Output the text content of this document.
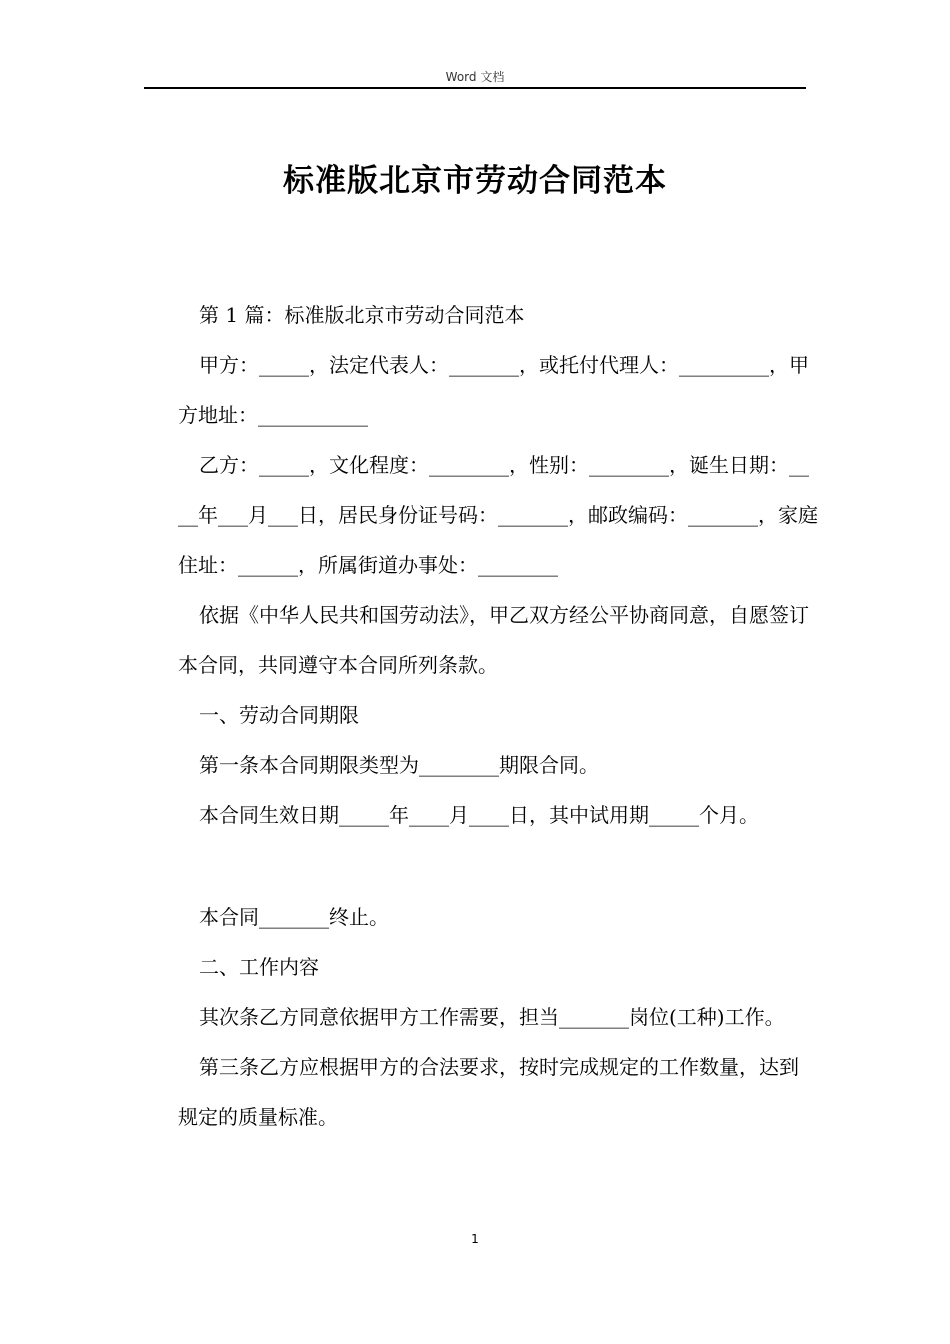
Word 文档
标准版北京市劳动合同范本

第 1 篇：标准版北京市劳动合同范本

甲方：_____，法定代表人：_______，或托付代理人：_________，甲方地址：___________

乙方：_____，文化程度：________，性别：________，诞生日期：____年___月___日，居民身份证号码：_______，邮政编码：_______，家庭住址：______，所属街道办事处：________

依据《中华人民共和国劳动法》，甲乙双方经公平协商同意，自愿签订本合同，共同遵守本合同所列条款。

一、劳动合同期限

第一条本合同期限类型为________期限合同。

本合同生效日期_____年____月____日，其中试用期_____个月。

本合同_______终止。

二、工作内容

其次条乙方同意依据甲方工作需要，担当_______岗位(工种)工作。

第三条乙方应根据甲方的合法要求，按时完成规定的工作数量，达到规定的质量标准。

1
